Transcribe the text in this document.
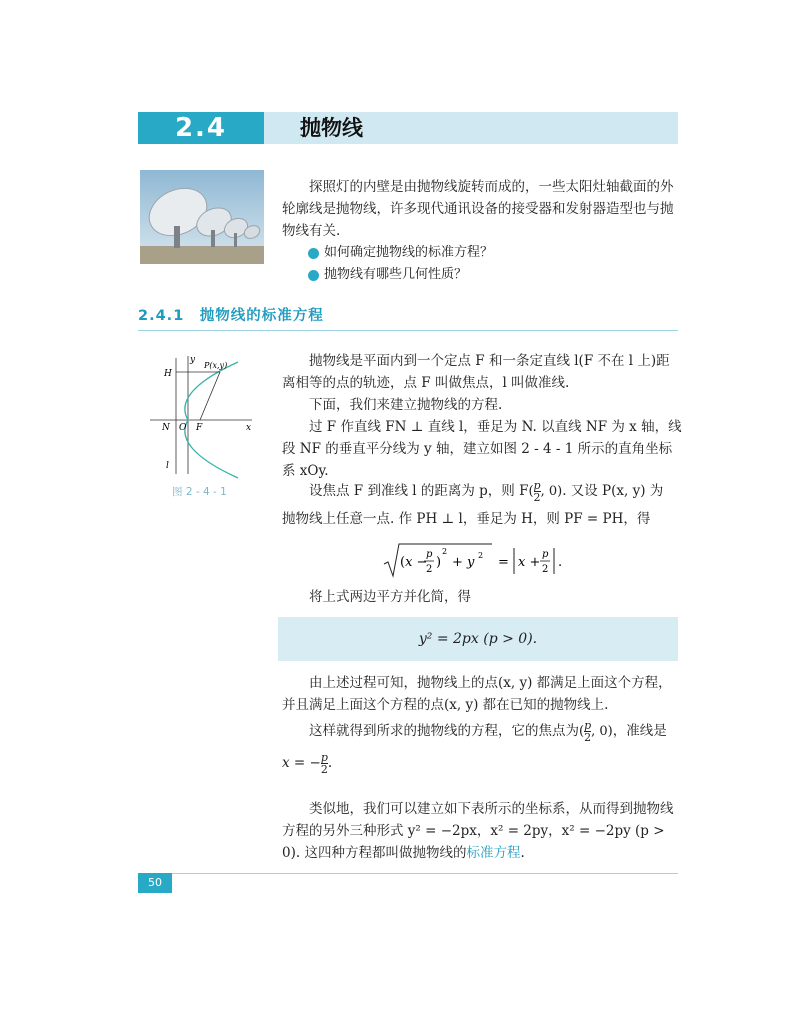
2.4	抛物线
探照灯的内壁是由抛物线旋转而成的，一些太阳灶轴截面的外轮廓线是抛物线，许多现代通讯设备的接受器和发射器造型也与抛物线有关.
如何确定抛物线的标准方程？
抛物线有哪些几何性质？
2.4.1　抛物线的标准方程
y
P(x,y)
H
N O F	x
l
图 2 - 4 - 1
抛物线是平面内到一个定点 F 和一条定直线 l(F 不在 l 上)距离相等的点的轨迹，点 F 叫做焦点，l 叫做准线.
下面，我们来建立抛物线的方程.
过 F 作直线 FN ⊥ 直线 l，垂足为 N. 以直线 NF 为 x 轴，线段 NF 的垂直平分线为 y 轴，建立如图 2 - 4 - 1 所示的直角坐标系 xOy.
设焦点 F 到准线 l 的距离为 p，则 $F(\frac{p}{2}$ , 0). 又设 P(x, y) 为
抛物线上任意一点. 作 PH ⊥ l，垂足为 H，则 PF = PH，得
(x −
p
2 )
2
+ y 2 = x +
p
2 .
将上式两边平方并化简，得
y² = 2px (p > 0).
由上述过程可知，抛物线上的点(x, y) 都满足上面这个方程，并且满足上面这个方程的点(x, y) 都在已知的抛物线上.
这样就得到所求的抛物线的方程，它的焦点为($\frac{p}{2}$ , 0)，准线是
$x = -\frac{p}{2}$ .
类似地，我们可以建立如下表所示的坐标系，从而得到抛物线方程的另外三种形式 y² = −2px，x² = 2py，x² = −2py (p > 0). 这四种方程都叫做抛物线的标准方程.
50
